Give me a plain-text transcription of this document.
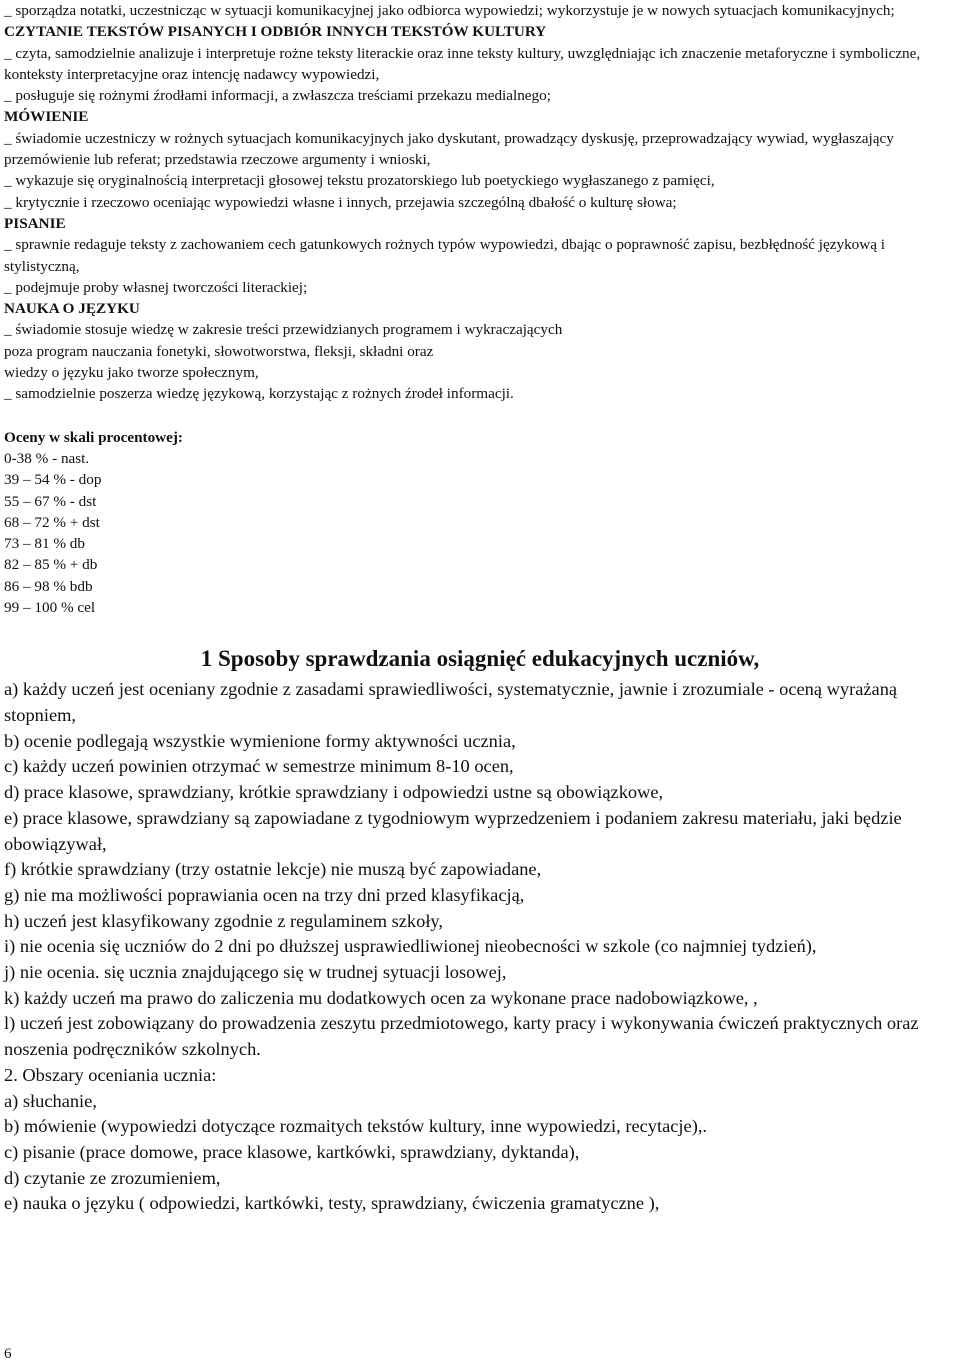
_ sporządza notatki, uczestnicząc w sytuacji komunikacyjnej jako odbiorca wypowiedzi; wykorzystuje je w nowych sytuacjach komunikacyjnych;

CZYTANIE TEKSTÓW PISANYCH I ODBIÓR INNYCH TEKSTÓW KULTURY

_ czyta, samodzielnie analizuje i interpretuje rożne teksty literackie oraz inne teksty kultury, uwzględniając ich znaczenie metaforyczne i symboliczne, konteksty interpretacyjne oraz intencję nadawcy wypowiedzi,

_ posługuje się rożnymi źrodłami informacji, a zwłaszcza treściami przekazu medialnego;

MÓWIENIE

_ świadomie uczestniczy w rożnych sytuacjach komunikacyjnych jako dyskutant, prowadzący dyskusję, przeprowadzający wywiad, wygłaszający przemówienie lub referat; przedstawia rzeczowe argumenty i wnioski,

_ wykazuje się oryginalnością interpretacji głosowej tekstu prozatorskiego lub poetyckiego wygłaszanego z pamięci,

_ krytycznie i rzeczowo oceniając wypowiedzi własne i innych, przejawia szczególną dbałość o kulturę słowa;

PISANIE

_ sprawnie redaguje teksty z zachowaniem cech gatunkowych rożnych typów wypowiedzi, dbając o poprawność zapisu, bezbłędność językową i stylistyczną,

_ podejmuje proby własnej tworczości literackiej;

NAUKA O JĘZYKU

_ świadomie stosuje wiedzę w zakresie treści przewidzianych programem i wykraczających

poza program nauczania fonetyki, słowotworstwa, fleksji, składni oraz

wiedzy o języku jako tworze społecznym,

_ samodzielnie poszerza wiedzę językową, korzystając z rożnych źrodeł informacji.

Oceny w skali procentowej:

0-38 % - nast.

39 – 54 % - dop

55 – 67 % - dst

68 – 72 % + dst

73 – 81 % db

82 – 85 % + db

86 – 98 % bdb

99 – 100 % cel

1 Sposoby sprawdzania osiągnięć edukacyjnych uczniów,

a) każdy uczeń jest oceniany zgodnie z zasadami sprawiedliwości, systematycznie, jawnie i zrozumiale - oceną wyrażaną stopniem,

b) ocenie podlegają wszystkie wymienione formy aktywności ucznia,

c) każdy uczeń powinien otrzymać w semestrze minimum 8-10 ocen,

d) prace klasowe, sprawdziany, krótkie sprawdziany i odpowiedzi ustne są obowiązkowe,

e) prace klasowe, sprawdziany są zapowiadane z tygodniowym wyprzedzeniem i podaniem zakresu materiału, jaki będzie obowiązywał,

f) krótkie sprawdziany (trzy ostatnie lekcje) nie muszą być zapowiadane,

g) nie ma możliwości poprawiania ocen na trzy dni przed klasyfikacją,

h) uczeń jest klasyfikowany zgodnie z regulaminem szkoły,

i) nie ocenia się uczniów do 2 dni po dłuższej usprawiedliwionej nieobecności w szkole (co najmniej tydzień),

j) nie ocenia. się ucznia znajdującego się w trudnej sytuacji losowej,

k) każdy uczeń ma prawo do zaliczenia mu dodatkowych ocen za wykonane prace nadobowiązkowe, ,

l) uczeń jest zobowiązany do prowadzenia zeszytu przedmiotowego, karty pracy i wykonywania ćwiczeń praktycznych oraz noszenia podręczników szkolnych.

2. Obszary oceniania ucznia:

a) słuchanie,

b) mówienie (wypowiedzi dotyczące rozmaitych tekstów kultury, inne wypowiedzi, recytacje),.

c) pisanie (prace domowe, prace klasowe, kartkówki, sprawdziany, dyktanda),

d) czytanie ze zrozumieniem,

e) nauka o języku ( odpowiedzi, kartkówki, testy, sprawdziany, ćwiczenia gramatyczne ),

6
